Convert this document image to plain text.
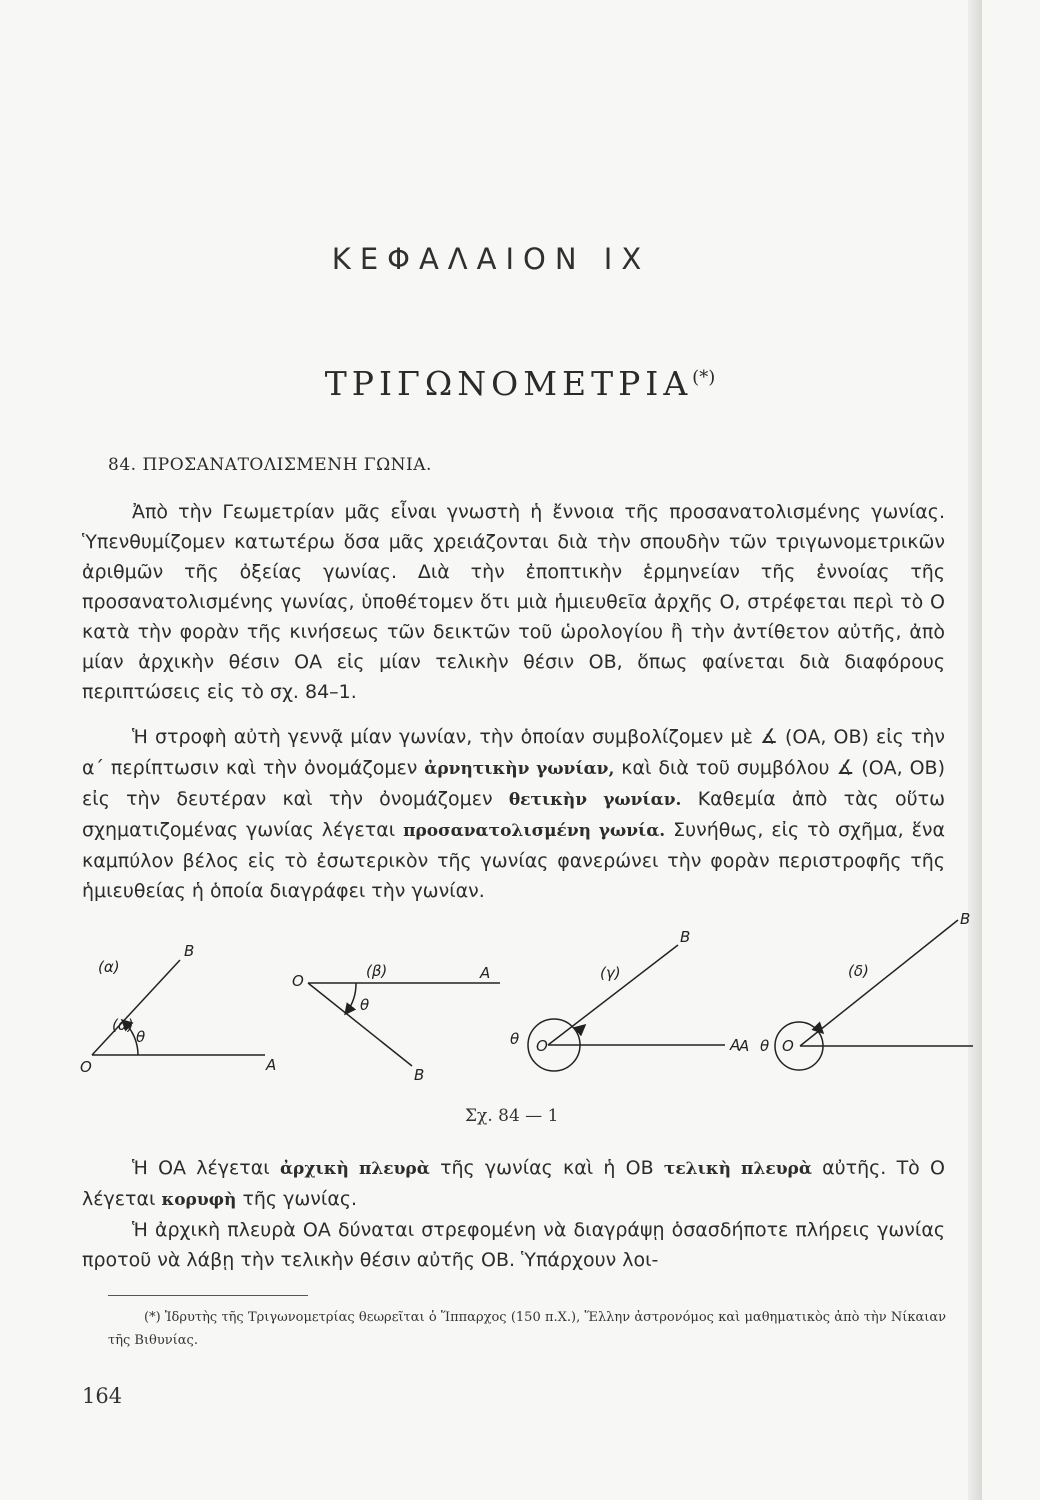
ΚΕΦΑΛΑΙΟΝ ΙΧ
ΤΡΙΓΩΝΟΜΕΤΡΙΑ(*)
84. ΠΡΟΣΑΝΑΤΟΛΙΣΜΕΝΗ ΓΩΝΙΑ.

Ἀπὸ τὴν Γεωμετρίαν μᾶς εἶναι γνωστὴ ἡ ἔννοια τῆς προσανατολισμένης γωνίας. Ὑπενθυμίζομεν κατωτέρω ὅσα μᾶς χρειάζονται διὰ τὴν σπουδὴν τῶν τριγωνομετρικῶν ἀριθμῶν τῆς ὀξείας γωνίας. Διὰ τὴν ἐποπτικὴν ἑρμηνείαν τῆς ἐννοίας τῆς προσανατολισμένης γωνίας, ὑποθέτομεν ὅτι μιὰ ἡμιευθεῖα ἀρχῆς Ο, στρέφεται περὶ τὸ Ο κατὰ τὴν φορὰν τῆς κινήσεως τῶν δεικτῶν τοῦ ὡρολογίου ἢ τὴν ἀντίθετον αὐτῆς, ἀπὸ μίαν ἀρχικὴν θέσιν ΟΑ εἰς μίαν τελικὴν θέσιν ΟΒ, ὅπως φαίνεται διὰ διαφόρους περιπτώσεις εἰς τὸ σχ. 84–1.

Ἡ στροφὴ αὐτὴ γεννᾷ μίαν γωνίαν, τὴν ὁποίαν συμβολίζομεν μὲ ∡ (ΟΑ, ΟΒ) εἰς τὴν α΄ περίπτωσιν καὶ τὴν ὀνομάζομεν ἀρνητικὴν γωνίαν, καὶ διὰ τοῦ συμβόλου ∡ (ΟΑ, ΟΒ) εἰς τὴν δευτέραν καὶ τὴν ὀνομάζομεν θετικὴν γωνίαν. Καθεμία ἀπὸ τὰς οὕτω σχηματιζομένας γωνίας λέγεται προσανατολισμένη γωνία. Συνήθως, εἰς τὸ σχῆμα, ἕνα καμπύλον βέλος εἰς τὸ ἐσωτερικὸν τῆς γωνίας φανερώνει τὴν φορὰν περιστροφῆς τῆς ἡμιευθείας ἡ ὁποία διαγράφει τὴν γωνίαν.

(α)
(α)
θ
O	A
B
(β)
θ
O	A
B
(γ)
θ O	A
B
(δ)
θ O
A
B
Σχ. 84 — 1

Ἡ ΟΑ λέγεται ἀρχικὴ πλευρὰ τῆς γωνίας καὶ ἡ ΟΒ τελικὴ πλευρὰ αὐτῆς. Τὸ Ο λέγεται κορυφὴ τῆς γωνίας.
Ἡ ἀρχικὴ πλευρὰ ΟΑ δύναται στρεφομένη νὰ διαγράψῃ ὁσασδήποτε πλήρεις γωνίας προτοῦ νὰ λάβῃ τὴν τελικὴν θέσιν αὐτῆς ΟΒ. Ὑπάρχουν λοι-

(*) Ἱδρυτὴς τῆς Τριγωνομετρίας θεωρεῖται ὁ Ἵππαρχος (150 π.Χ.), Ἕλλην ἀστρονόμος καὶ μαθηματικὸς ἀπὸ τὴν Νίκαιαν τῆς Βιθυνίας.

164
